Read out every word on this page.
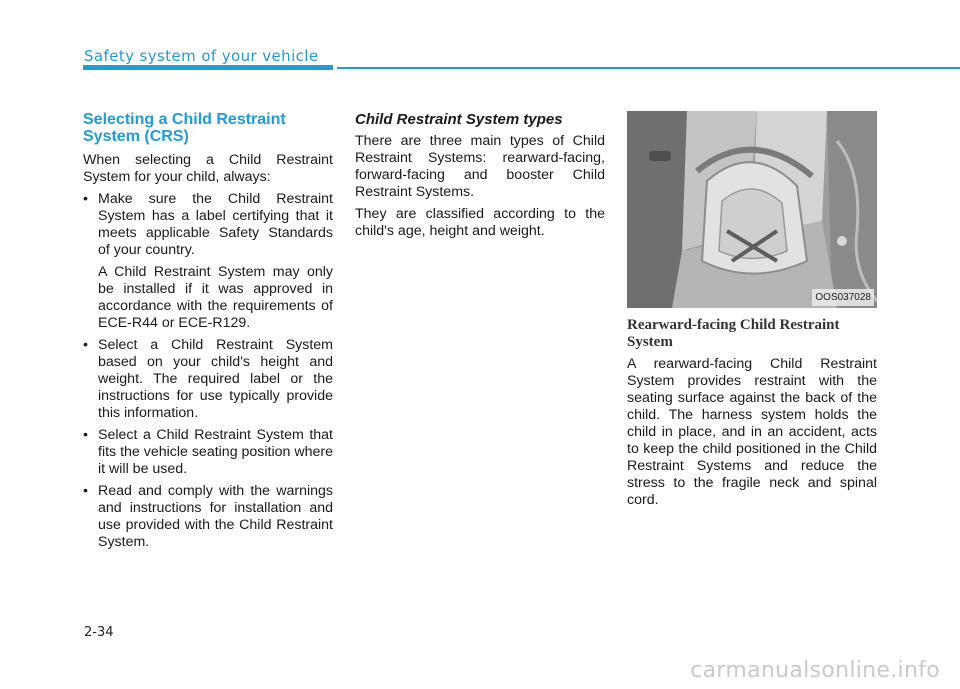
Safety system of your vehicle
Selecting a Child Restraint System (CRS)

When selecting a Child Restraint System for your child, always:

• Make sure the Child Restraint System has a label certifying that it meets applicable Safety Standards of your country.

A Child Restraint System may only be installed if it was approved in accordance with the requirements of ECE-R44 or ECE-R129.

• Select a Child Restraint System based on your child's height and weight. The required label or the instructions for use typically provide this information.
• Select a Child Restraint System that fits the vehicle seating position where it will be used.
• Read and comply with the warnings and instructions for installation and use provided with the Child Restraint System.
Child Restraint System types

There are three main types of Child Restraint Systems: rearward-facing, forward-facing and booster Child Restraint Systems.

They are classified according to the child's age, height and weight.

OOS037028
Rearward-facing Child Restraint System

A rearward-facing Child Restraint System provides restraint with the seating surface against the back of the child. The harness system holds the child in place, and in an accident, acts to keep the child positioned in the Child Restraint Systems and reduce the stress to the fragile neck and spinal cord.

2-34
carmanualsonline.info
